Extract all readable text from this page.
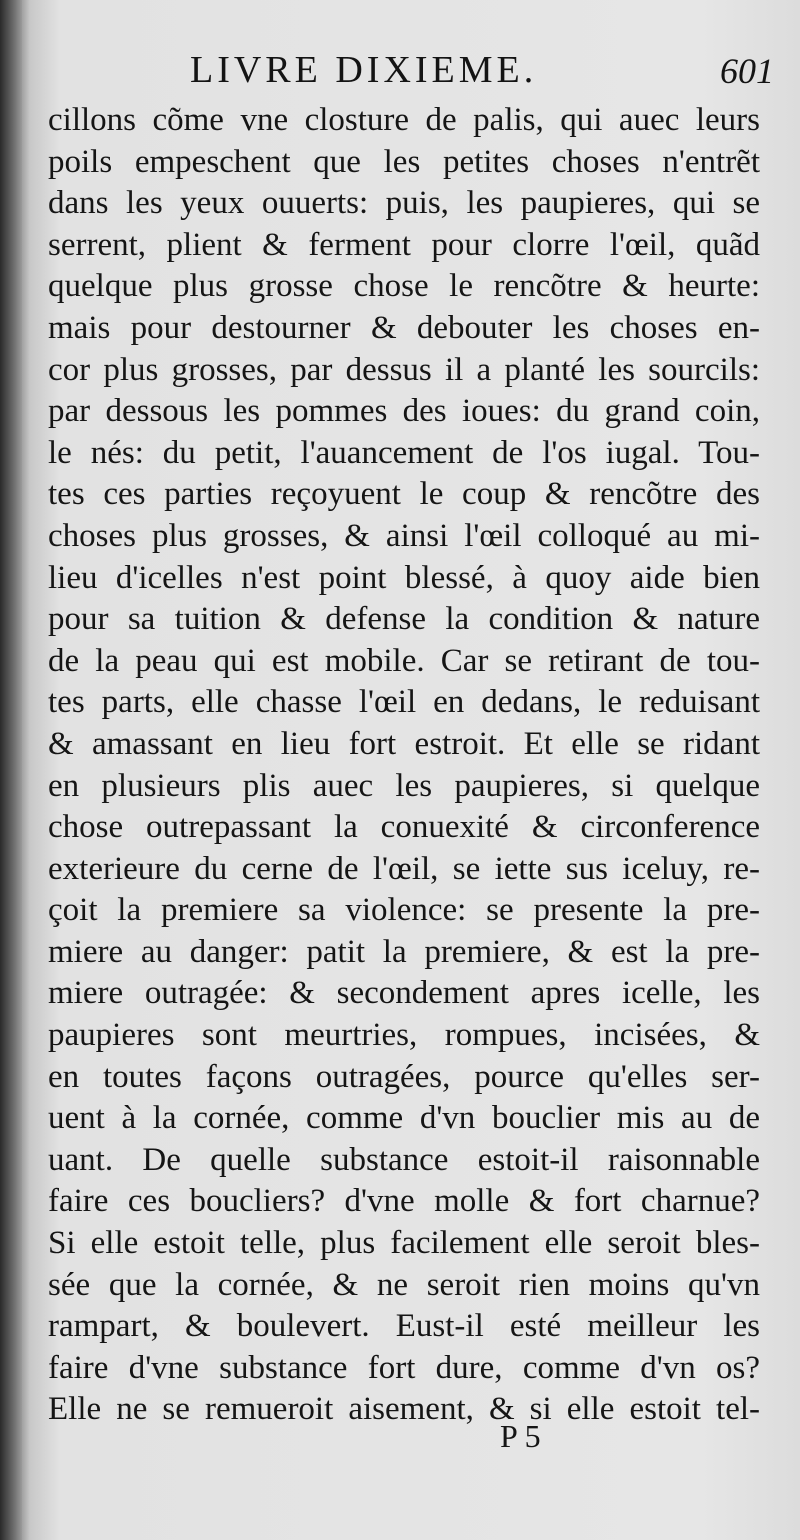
LIVRE DIXIEME.	601
cillons cõme vne closture de palis, qui auec leurs
poils empeschent que les petites choses n'entrẽt
dans les yeux ouuerts: puis, les paupieres, qui se
serrent, plient & ferment pour clorre l'œil, quãd
quelque plus grosse chose le rencõtre & heurte:
mais pour destourner & debouter les choses en-
cor plus grosses, par dessus il a planté les sourcils:
par dessous les pommes des ioues: du grand coin,
le nés: du petit, l'auancement de l'os iugal. Tou-
tes ces parties reçoyuent le coup & rencõtre des
choses plus grosses, & ainsi l'œil colloqué au mi-
lieu d'icelles n'est point blessé, à quoy aide bien
pour sa tuition & defense la condition & nature
de la peau qui est mobile. Car se retirant de tou-
tes parts, elle chasse l'œil en dedans, le reduisant
& amassant en lieu fort estroit. Et elle se ridant
en plusieurs plis auec les paupieres, si quelque
chose outrepassant la conuexité & circonference
exterieure du cerne de l'œil, se iette sus iceluy, re-
çoit la premiere sa violence: se presente la pre-
miere au danger: patit la premiere, & est la pre-
miere outragée: & secondement apres icelle, les
paupieres sont meurtries, rompues, incisées, &
en toutes façons outragées, pource qu'elles ser-
uent à la cornée, comme d'vn bouclier mis au de
uant. De quelle substance estoit-il raisonnable
faire ces boucliers? d'vne molle & fort charnue?
Si elle estoit telle, plus facilement elle seroit bles-
sée que la cornée, & ne seroit rien moins qu'vn
rampart, & boulevert. Eust-il esté meilleur les
faire d'vne substance fort dure, comme d'vn os?
Elle ne se remueroit aisement, & si elle estoit tel-
P 5
